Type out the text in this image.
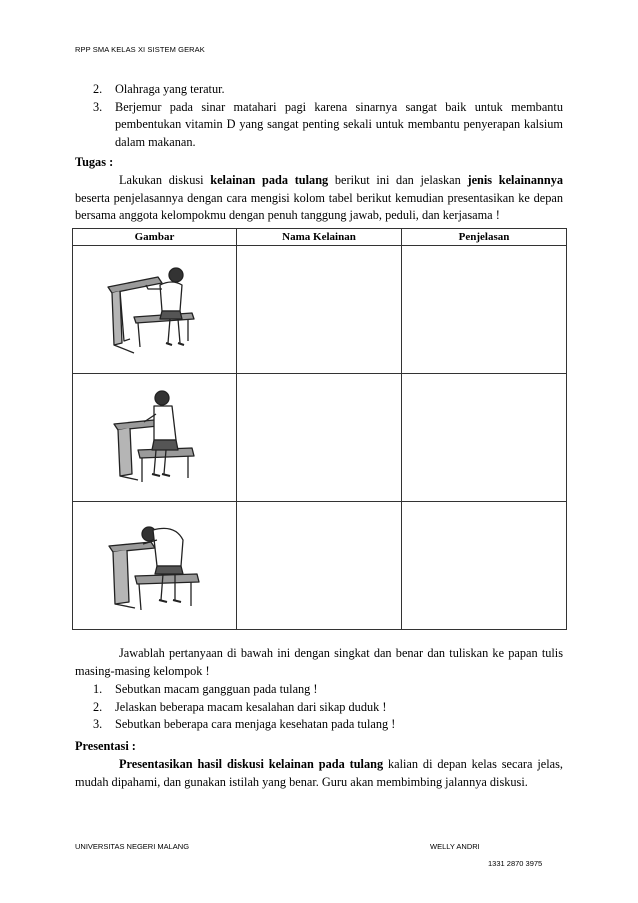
RPP SMA KELAS XI SISTEM GERAK
2.	Olahraga yang teratur.
3.	Berjemur pada sinar matahari pagi karena sinarnya sangat baik untuk membantu pembentukan vitamin D yang sangat penting sekali untuk membantu penyerapan kalsium dalam makanan.
Tugas :
Lakukan diskusi kelainan pada tulang berikut ini dan jelaskan jenis kelainannya beserta penjelasannya dengan cara mengisi kolom tabel berikut kemudian presentasikan ke depan bersama anggota kelompokmu dengan penuh tanggung jawab, peduli, dan kerjasama !
Gambar	Nama Kelainan	Penjelasan

Jawablah pertanyaan di bawah ini dengan singkat dan benar dan tuliskan ke papan tulis masing-masing kelompok !
1.	Sebutkan macam gangguan pada tulang !
2.	Jelaskan beberapa macam kesalahan dari sikap duduk !
3.	Sebutkan beberapa cara menjaga kesehatan pada tulang !
Presentasi :
Presentasikan hasil diskusi kelainan pada tulang kalian di depan kelas secara jelas, mudah dipahami, dan gunakan istilah yang benar. Guru akan membimbing jalannya diskusi.
UNIVERSITAS NEGERI MALANG	WELLY ANDRI
1331 2870 3975
